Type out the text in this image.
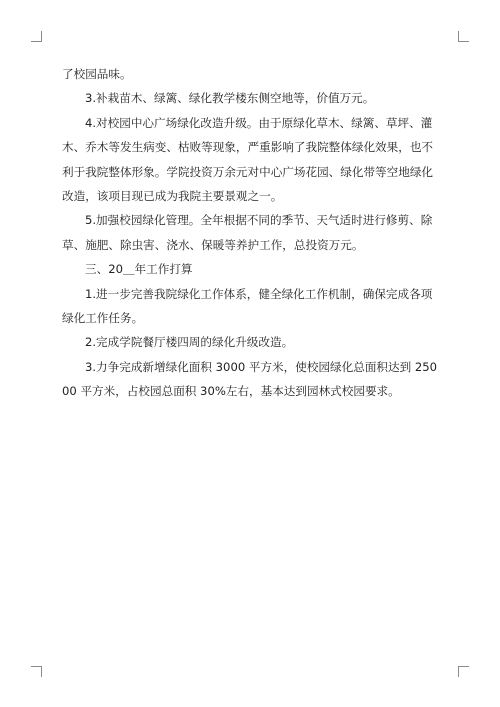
了校园品味。

3.补栽苗木、绿篱、绿化教学楼东侧空地等，价值万元。

4.对校园中心广场绿化改造升级。由于原绿化草木、绿篱、草坪、灌木、乔木等发生病变、枯败等现象，严重影响了我院整体绿化效果，也不利于我院整体形象。学院投资万余元对中心广场花园、绿化带等空地绿化改造，该项目现已成为我院主要景观之一。

5.加强校园绿化管理。全年根据不同的季节、天气适时进行修剪、除草、施肥、除虫害、浇水、保暖等养护工作，总投资万元。

三、20＿年工作打算

1.进一步完善我院绿化工作体系，健全绿化工作机制，确保完成各项绿化工作任务。

2.完成学院餐厅楼四周的绿化升级改造。

3.力争完成新增绿化面积 3000 平方米，使校园绿化总面积达到 25000 平方米，占校园总面积 30%左右，基本达到园林式校园要求。
